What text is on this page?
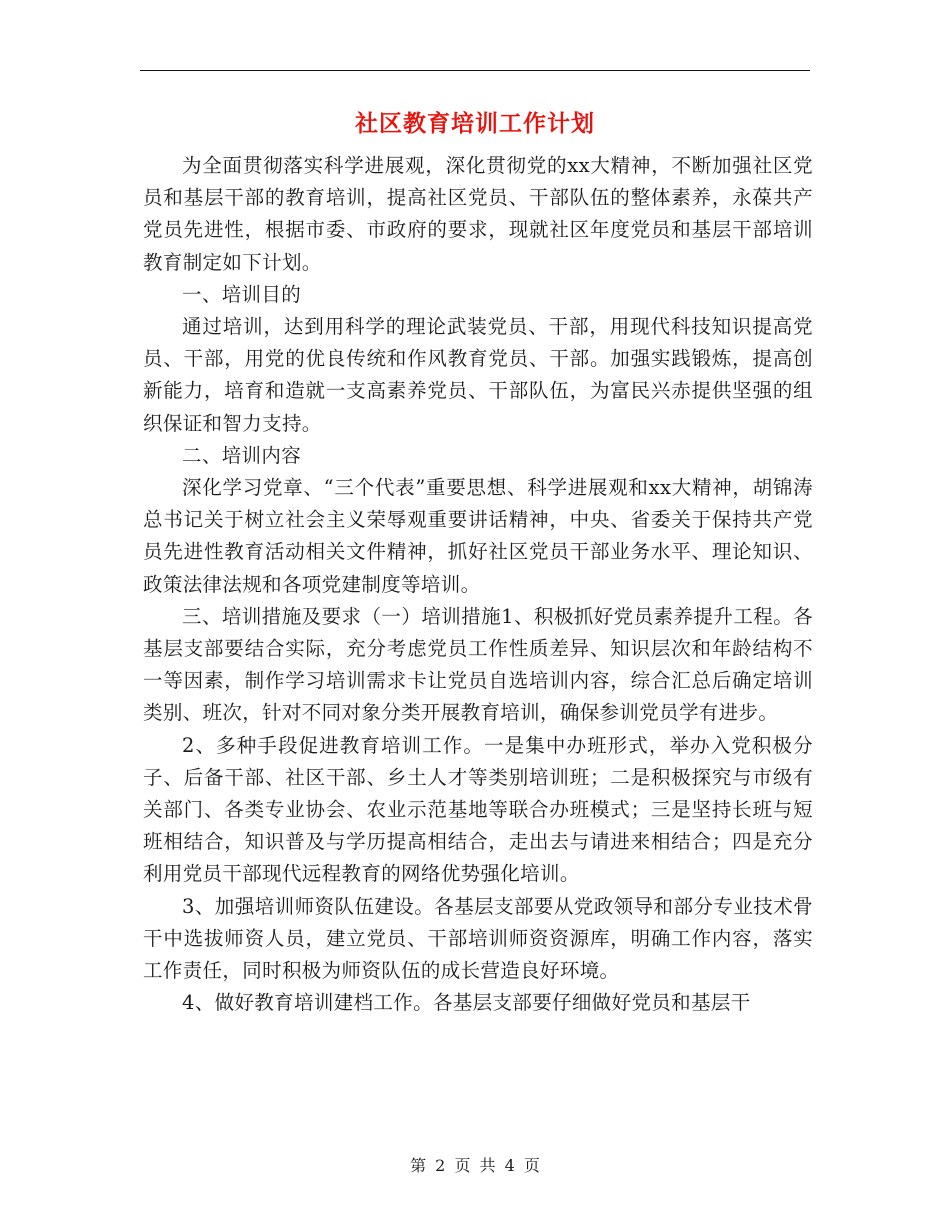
社区教育培训工作计划

为全面贯彻落实科学进展观，深化贯彻党的xx大精神，不断加强社区党员和基层干部的教育培训，提高社区党员、干部队伍的整体素养，永葆共产党员先进性，根据市委、市政府的要求，现就社区年度党员和基层干部培训教育制定如下计划。

一、培训目的

通过培训，达到用科学的理论武装党员、干部，用现代科技知识提高党员、干部，用党的优良传统和作风教育党员、干部。加强实践锻炼，提高创新能力，培育和造就一支高素养党员、干部队伍，为富民兴赤提供坚强的组织保证和智力支持。

二、培训内容

深化学习党章、“三个代表”重要思想、科学进展观和xx大精神，胡锦涛总书记关于树立社会主义荣辱观重要讲话精神，中央、省委关于保持共产党员先进性教育活动相关文件精神，抓好社区党员干部业务水平、理论知识、政策法律法规和各项党建制度等培训。

三、培训措施及要求（一）培训措施1、积极抓好党员素养提升工程。各基层支部要结合实际，充分考虑党员工作性质差异、知识层次和年龄结构不一等因素，制作学习培训需求卡让党员自选培训内容，综合汇总后确定培训类别、班次，针对不同对象分类开展教育培训，确保参训党员学有进步。

2、多种手段促进教育培训工作。一是集中办班形式，举办入党积极分子、后备干部、社区干部、乡土人才等类别培训班；二是积极探究与市级有关部门、各类专业协会、农业示范基地等联合办班模式；三是坚持长班与短班相结合，知识普及与学历提高相结合，走出去与请进来相结合；四是充分利用党员干部现代远程教育的网络优势强化培训。

3、加强培训师资队伍建设。各基层支部要从党政领导和部分专业技术骨干中选拔师资人员，建立党员、干部培训师资资源库，明确工作内容，落实工作责任，同时积极为师资队伍的成长营造良好环境。

4、做好教育培训建档工作。各基层支部要仔细做好党员和基层干

第 2 页 共 4 页
